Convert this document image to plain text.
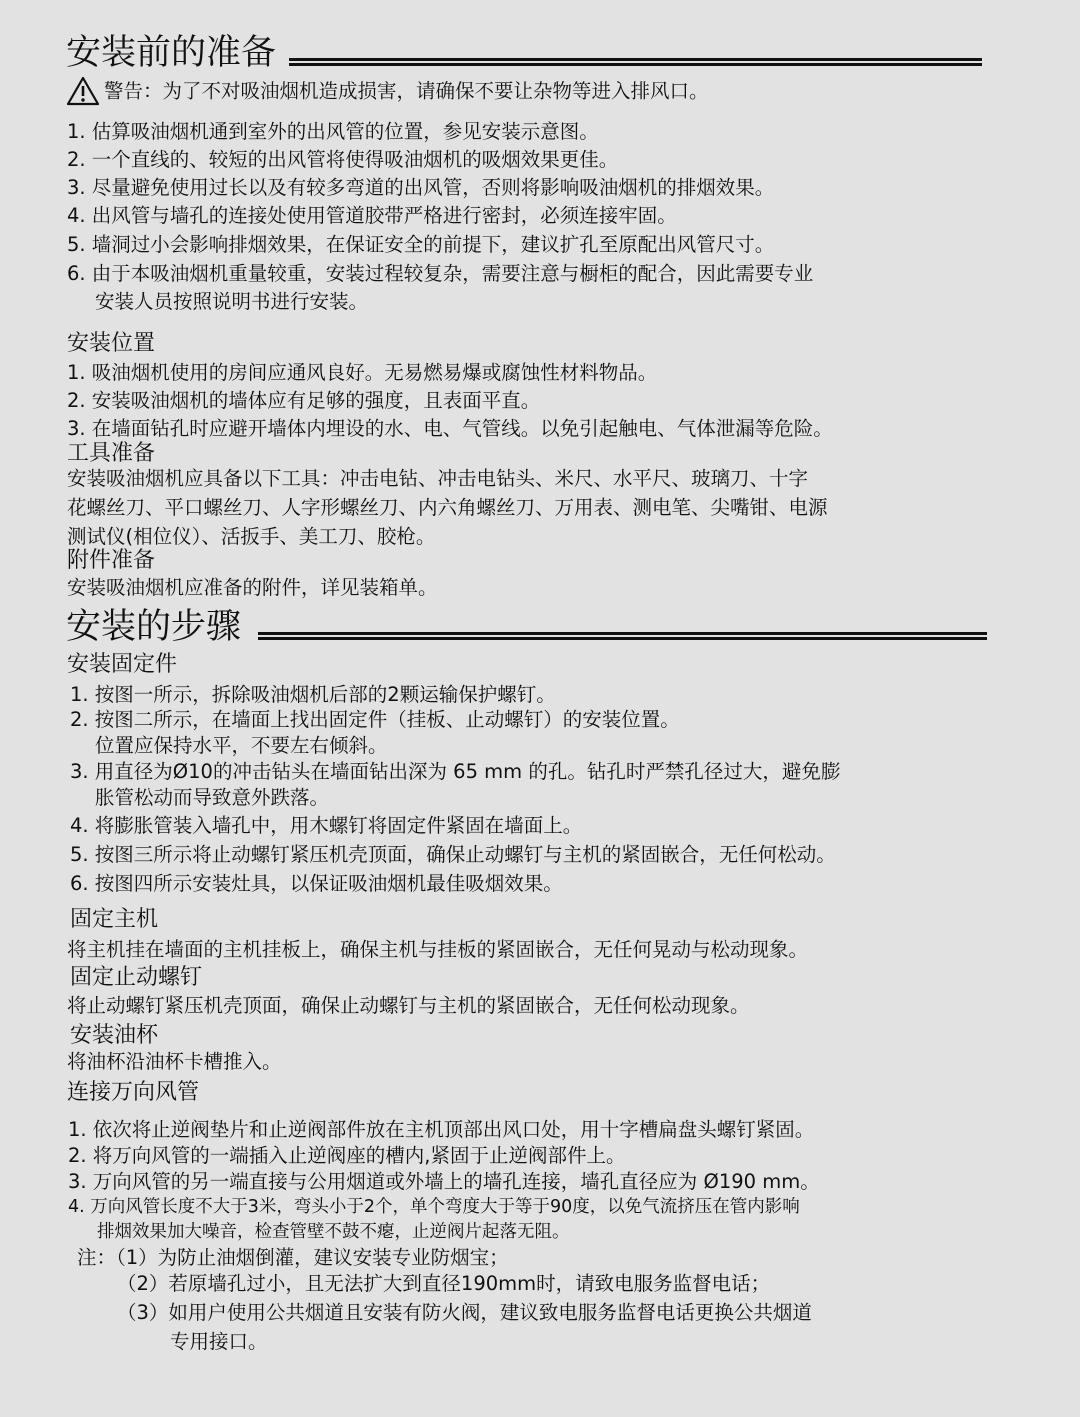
安装前的准备
警告：为了不对吸油烟机造成损害，请确保不要让杂物等进入排风口。

1. 估算吸油烟机通到室外的出风管的位置，参见安装示意图。

2. 一个直线的、较短的出风管将使得吸油烟机的吸烟效果更佳。

3. 尽量避免使用过长以及有较多弯道的出风管，否则将影响吸油烟机的排烟效果。

4. 出风管与墙孔的连接处使用管道胶带严格进行密封，必须连接牢固。

5. 墙洞过小会影响排烟效果，在保证安全的前提下，建议扩孔至原配出风管尺寸。

6. 由于本吸油烟机重量较重，安装过程较复杂，需要注意与橱柜的配合，因此需要专业

安装人员按照说明书进行安装。

安装位置

1. 吸油烟机使用的房间应通风良好。无易燃易爆或腐蚀性材料物品。

2. 安装吸油烟机的墙体应有足够的强度，且表面平直。

3. 在墙面钻孔时应避开墙体内埋设的水、电、气管线。以免引起触电、气体泄漏等危险。

工具准备

安装吸油烟机应具备以下工具：冲击电钻、冲击电钻头、米尺、水平尺、玻璃刀、十字

花螺丝刀、平口螺丝刀、人字形螺丝刀、内六角螺丝刀、万用表、测电笔、尖嘴钳、电源

测试仪(相位仪）、活扳手、美工刀、胶枪。

附件准备

安装吸油烟机应准备的附件，详见装箱单。

安装的步骤
安装固定件

1. 按图一所示，拆除吸油烟机后部的2颗运输保护螺钉。

2. 按图二所示，在墙面上找出固定件（挂板、止动螺钉）的安装位置。

位置应保持水平，不要左右倾斜。

3. 用直径为Ø10的冲击钻头在墙面钻出深为 65 mm 的孔。钻孔时严禁孔径过大，避免膨

胀管松动而导致意外跌落。

4. 将膨胀管装入墙孔中，用木螺钉将固定件紧固在墙面上。

5. 按图三所示将止动螺钉紧压机壳顶面，确保止动螺钉与主机的紧固嵌合，无任何松动。

6. 按图四所示安装灶具，以保证吸油烟机最佳吸烟效果。

固定主机

将主机挂在墙面的主机挂板上，确保主机与挂板的紧固嵌合，无任何晃动与松动现象。

固定止动螺钉

将止动螺钉紧压机壳顶面，确保止动螺钉与主机的紧固嵌合，无任何松动现象。

安装油杯

将油杯沿油杯卡槽推入。

连接万向风管

1. 依次将止逆阀垫片和止逆阀部件放在主机顶部出风口处，用十字槽扁盘头螺钉紧固。

2. 将万向风管的一端插入止逆阀座的槽内,紧固于止逆阀部件上。

3. 万向风管的另一端直接与公用烟道或外墙上的墙孔连接，墙孔直径应为 Ø190 mm。

4. 万向风管长度不大于3米，弯头小于2个，单个弯度大于等于90度，以免气流挤压在管内影响

排烟效果加大噪音，检查管壁不鼓不瘪，止逆阀片起落无阻。

注：（1）为防止油烟倒灌，建议安装专业防烟宝；

（2）若原墙孔过小，且无法扩大到直径190mm时，请致电服务监督电话；

（3）如用户使用公共烟道且安装有防火阀，建议致电服务监督电话更换公共烟道

专用接口。
